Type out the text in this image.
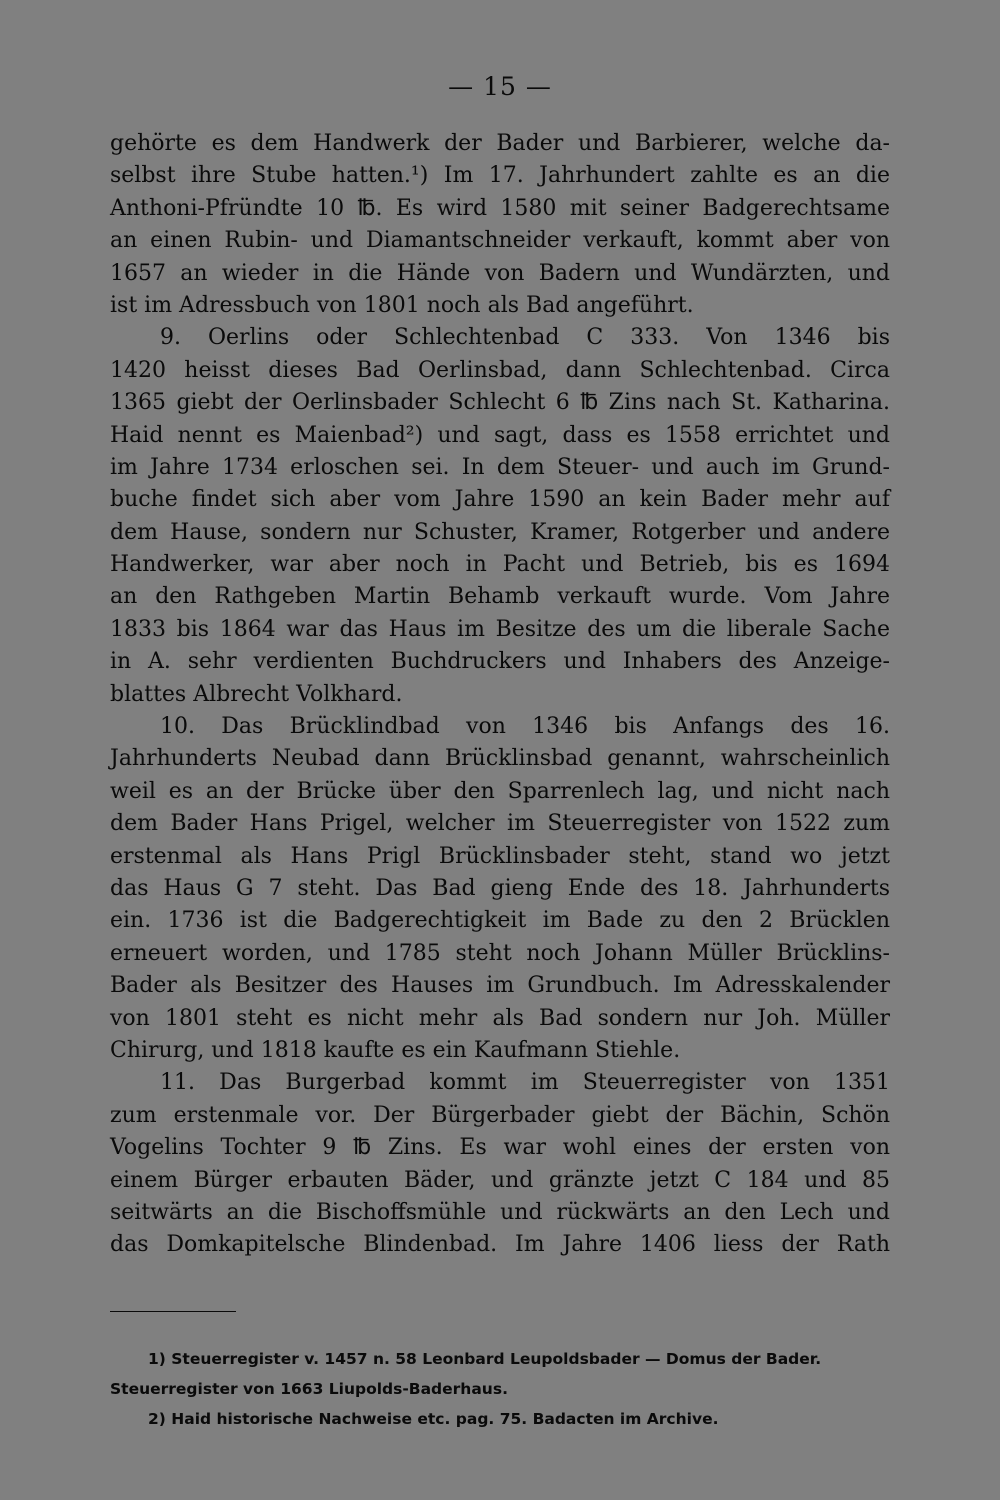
— 15 —
gehörte es dem Handwerk der Bader und Barbierer, welche da-
selbst ihre Stube hatten.¹) Im 17. Jahrhundert zahlte es an die
Anthoni-Pfründte 10 ℔. Es wird 1580 mit seiner Badgerechtsame
an einen Rubin- und Diamantschneider verkauft, kommt aber von
1657 an wieder in die Hände von Badern und Wundärzten, und
ist im Adressbuch von 1801 noch als Bad angeführt.
9. Oerlins oder Schlechtenbad C 333. Von 1346 bis
1420 heisst dieses Bad Oerlinsbad, dann Schlechtenbad. Circa
1365 giebt der Oerlinsbader Schlecht 6 ℔ Zins nach St. Katharina.
Haid nennt es Maienbad²) und sagt, dass es 1558 errichtet und
im Jahre 1734 erloschen sei. In dem Steuer- und auch im Grund-
buche findet sich aber vom Jahre 1590 an kein Bader mehr auf
dem Hause, sondern nur Schuster, Kramer, Rotgerber und andere
Handwerker, war aber noch in Pacht und Betrieb, bis es 1694
an den Rathgeben Martin Behamb verkauft wurde. Vom Jahre
1833 bis 1864 war das Haus im Besitze des um die liberale Sache
in A. sehr verdienten Buchdruckers und Inhabers des Anzeige-
blattes Albrecht Volkhard.
10. Das Brücklindbad von 1346 bis Anfangs des 16.
Jahrhunderts Neubad dann Brücklinsbad genannt, wahrscheinlich
weil es an der Brücke über den Sparrenlech lag, und nicht nach
dem Bader Hans Prigel, welcher im Steuerregister von 1522 zum
erstenmal als Hans Prigl Brücklinsbader steht, stand wo jetzt
das Haus G 7 steht. Das Bad gieng Ende des 18. Jahrhunderts
ein. 1736 ist die Badgerechtigkeit im Bade zu den 2 Brücklen
erneuert worden, und 1785 steht noch Johann Müller Brücklins-
Bader als Besitzer des Hauses im Grundbuch. Im Adresskalender
von 1801 steht es nicht mehr als Bad sondern nur Joh. Müller
Chirurg, und 1818 kaufte es ein Kaufmann Stiehle.
11. Das Burgerbad kommt im Steuerregister von 1351
zum erstenmale vor. Der Bürgerbader giebt der Bächin, Schön
Vogelins Tochter 9 ℔ Zins. Es war wohl eines der ersten von
einem Bürger erbauten Bäder, und gränzte jetzt C 184 und 85
seitwärts an die Bischoffsmühle und rückwärts an den Lech und
das Domkapitelsche Blindenbad. Im Jahre 1406 liess der Rath
1) Steuerregister v. 1457 n. 58 Leonbard Leupoldsbader — Domus der Bader.
Steuerregister von 1663 Liupolds-Baderhaus.
2) Haid historische Nachweise etc. pag. 75. Badacten im Archive.
